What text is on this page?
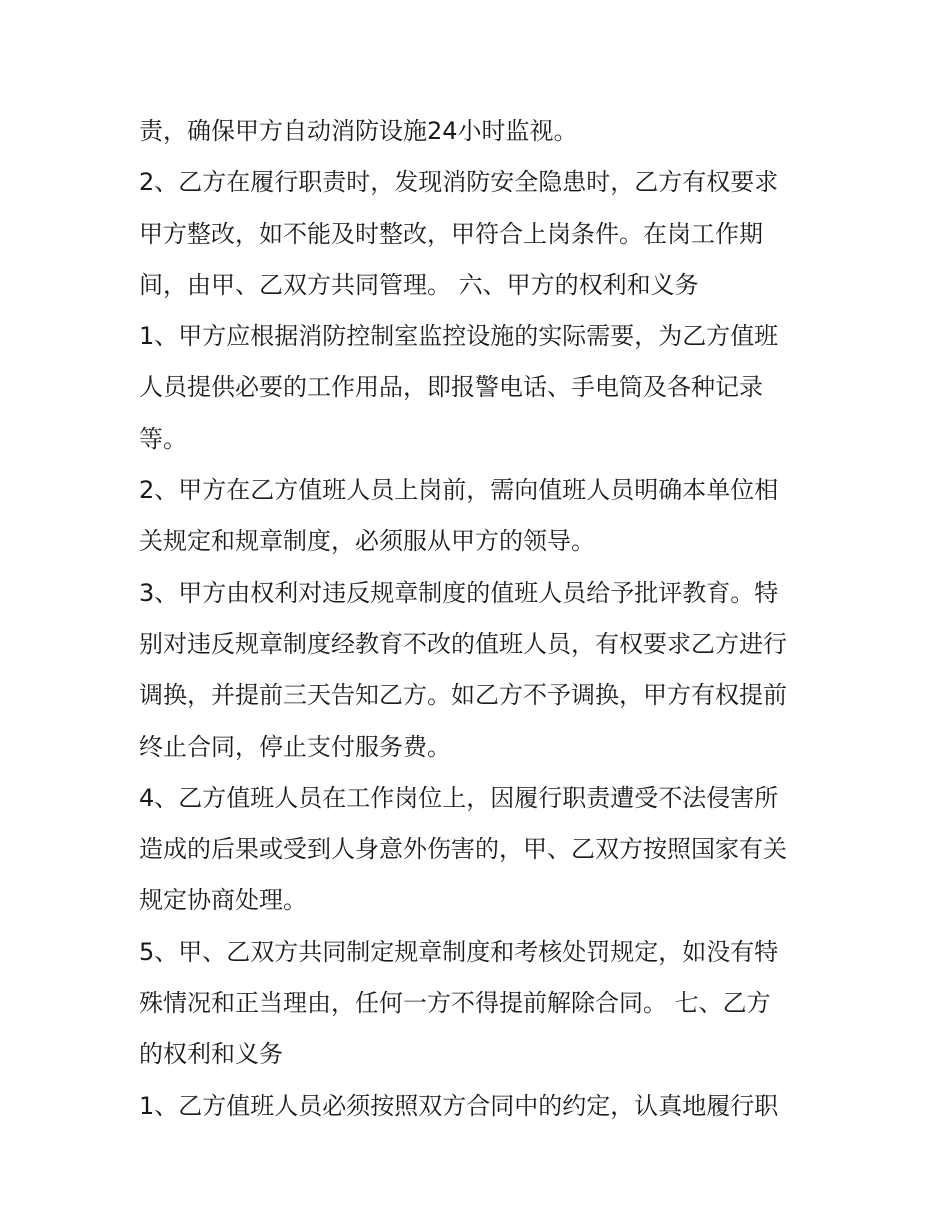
责，确保甲方自动消防设施24小时监视。
2、乙方在履行职责时，发现消防安全隐患时，乙方有权要求
甲方整改，如不能及时整改，甲符合上岗条件。在岗工作期
间，由甲、乙双方共同管理。 六、甲方的权利和义务
1、甲方应根据消防控制室监控设施的实际需要，为乙方值班
人员提供必要的工作用品，即报警电话、手电筒及各种记录
等。
2、甲方在乙方值班人员上岗前，需向值班人员明确本单位相
关规定和规章制度，必须服从甲方的领导。
3、甲方由权利对违反规章制度的值班人员给予批评教育。特
别对违反规章制度经教育不改的值班人员，有权要求乙方进行
调换，并提前三天告知乙方。如乙方不予调换，甲方有权提前
终止合同，停止支付服务费。
4、乙方值班人员在工作岗位上，因履行职责遭受不法侵害所
造成的后果或受到人身意外伤害的，甲、乙双方按照国家有关
规定协商处理。
5、甲、乙双方共同制定规章制度和考核处罚规定，如没有特
殊情况和正当理由，任何一方不得提前解除合同。 七、乙方
的权利和义务
1、乙方值班人员必须按照双方合同中的约定，认真地履行职
